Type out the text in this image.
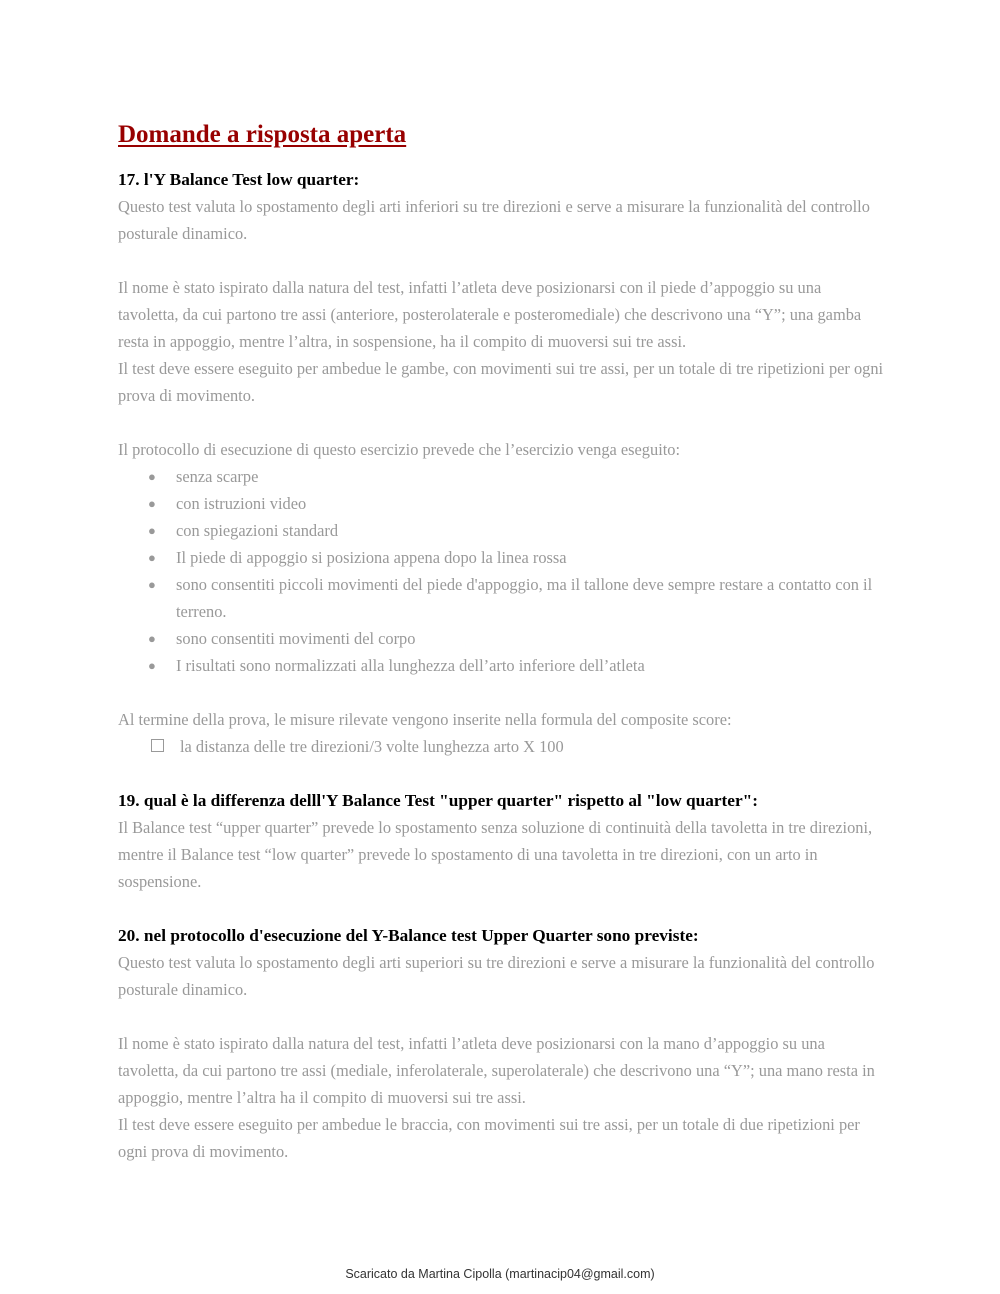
Domande a risposta aperta

17. l'Y Balance Test low quarter:

Questo test valuta lo spostamento degli arti inferiori su tre direzioni e serve a misurare la funzionalità del controllo posturale dinamico.

Il nome è stato ispirato dalla natura del test, infatti l’atleta deve posizionarsi con il piede d’appoggio su una tavoletta, da cui partono tre assi (anteriore, posterolaterale e posteromediale) che descrivono una “Y”; una gamba resta in appoggio, mentre l’altra, in sospensione, ha il compito di muoversi sui tre assi.

Il test deve essere eseguito per ambedue le gambe, con movimenti sui tre assi, per un totale di tre ripetizioni per ogni prova di movimento.

Il protocollo di esecuzione di questo esercizio prevede che l’esercizio venga eseguito:

● senza scarpe
● con istruzioni video
● con spiegazioni standard
● Il piede di appoggio si posiziona appena dopo la linea rossa
● sono consentiti piccoli movimenti del piede d'appoggio, ma il tallone deve sempre restare a contatto con il terreno.
● sono consentiti movimenti del corpo
● I risultati sono normalizzati alla lunghezza dell’arto inferiore dell’atleta

Al termine della prova, le misure rilevate vengono inserite nella formula del composite score:

la distanza delle tre direzioni/3 volte lunghezza arto X 100

19. qual è la differenza delll'Y Balance Test "upper quarter" rispetto al "low quarter":

Il Balance test “upper quarter” prevede lo spostamento senza soluzione di continuità della tavoletta in tre direzioni, mentre il Balance test “low quarter” prevede lo spostamento di una tavoletta in tre direzioni, con un arto in sospensione.

20. nel protocollo d'esecuzione del Y-Balance test Upper Quarter sono previste:

Questo test valuta lo spostamento degli arti superiori su tre direzioni e serve a misurare la funzionalità del controllo posturale dinamico.

Il nome è stato ispirato dalla natura del test, infatti l’atleta deve posizionarsi con la mano d’appoggio su una tavoletta, da cui partono tre assi (mediale, inferolaterale, superolaterale) che descrivono una “Y”; una mano resta in appoggio, mentre l’altra ha il compito di muoversi sui tre assi.

Il test deve essere eseguito per ambedue le braccia, con movimenti sui tre assi, per un totale di due ripetizioni per ogni prova di movimento.

Scaricato da Martina Cipolla (martinacip04@gmail.com)
